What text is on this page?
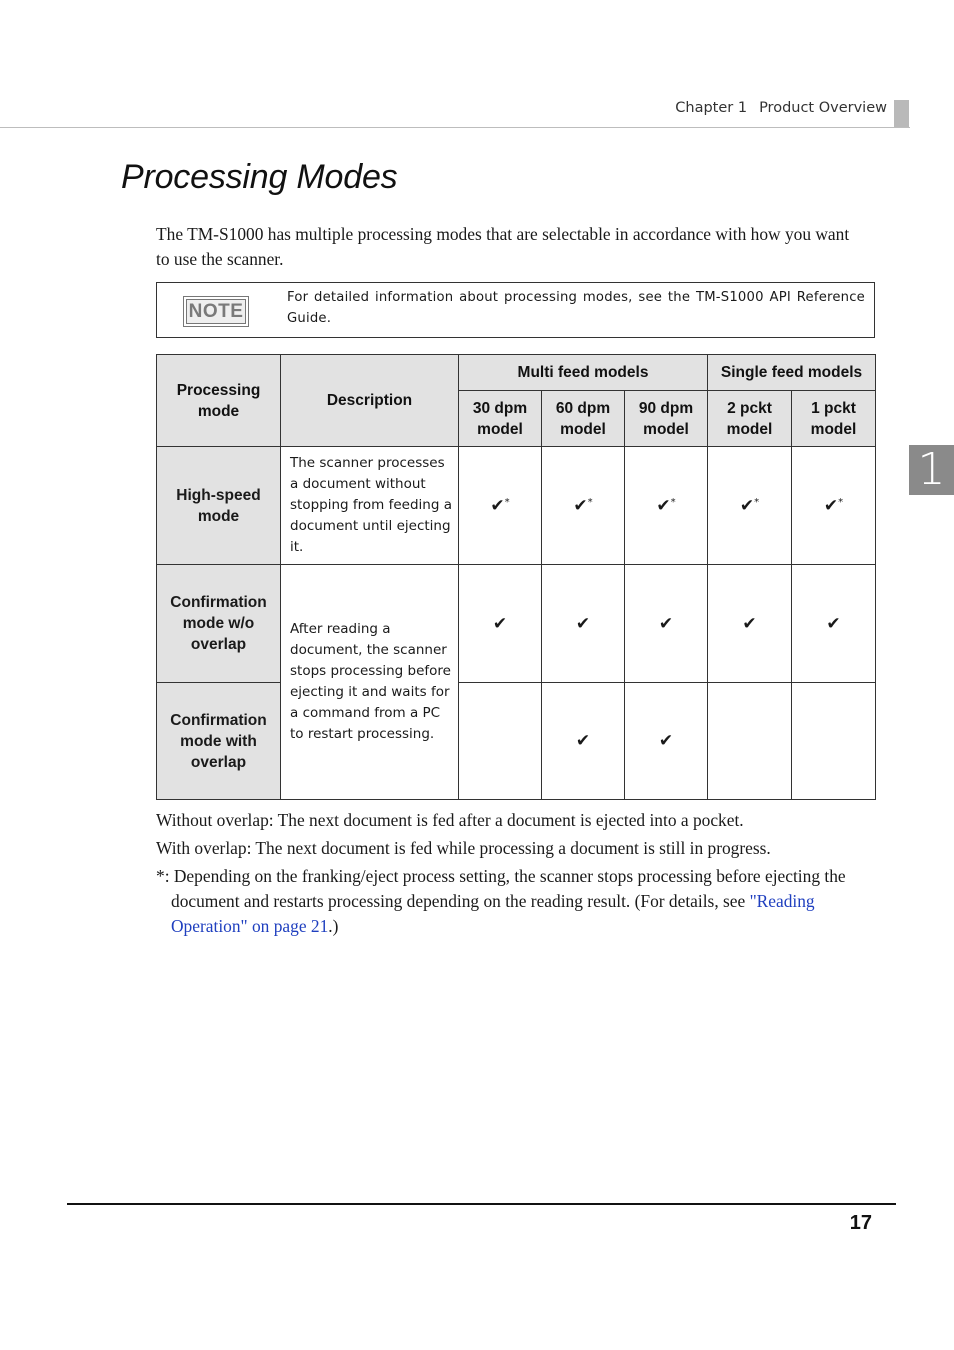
Chapter 1 Product Overview
1
Processing Modes

The TM-S1000 has multiple processing modes that are selectable in accordance with how you want to use the scanner.

NOTE
For detailed information about processing modes, see the TM-S1000 API Reference Guide.
Processing mode	Description	Multi feed models			Single feed models	
		30 dpm model	60 dpm model	90 dpm model	2 pckt model	1 pckt model
High-speed mode	The scanner processes a document without stopping from feeding a document until ejecting it.	✔*	✔*	✔*	✔*	✔*
Confirmation mode w/o overlap	After reading a document, the scanner stops processing before ejecting it and waits for a command from a PC to restart processing.	✔	✔	✔	✔	✔
Confirmation mode with overlap			✔	✔		

Without overlap: The next document is fed after a document is ejected into a pocket.

With overlap: The next document is fed while processing a document is still in progress.

*: Depending on the franking/eject process setting, the scanner stops processing before ejecting the document and restarts processing depending on the reading result. (For details, see "Reading Operation" on page 21.)

17
